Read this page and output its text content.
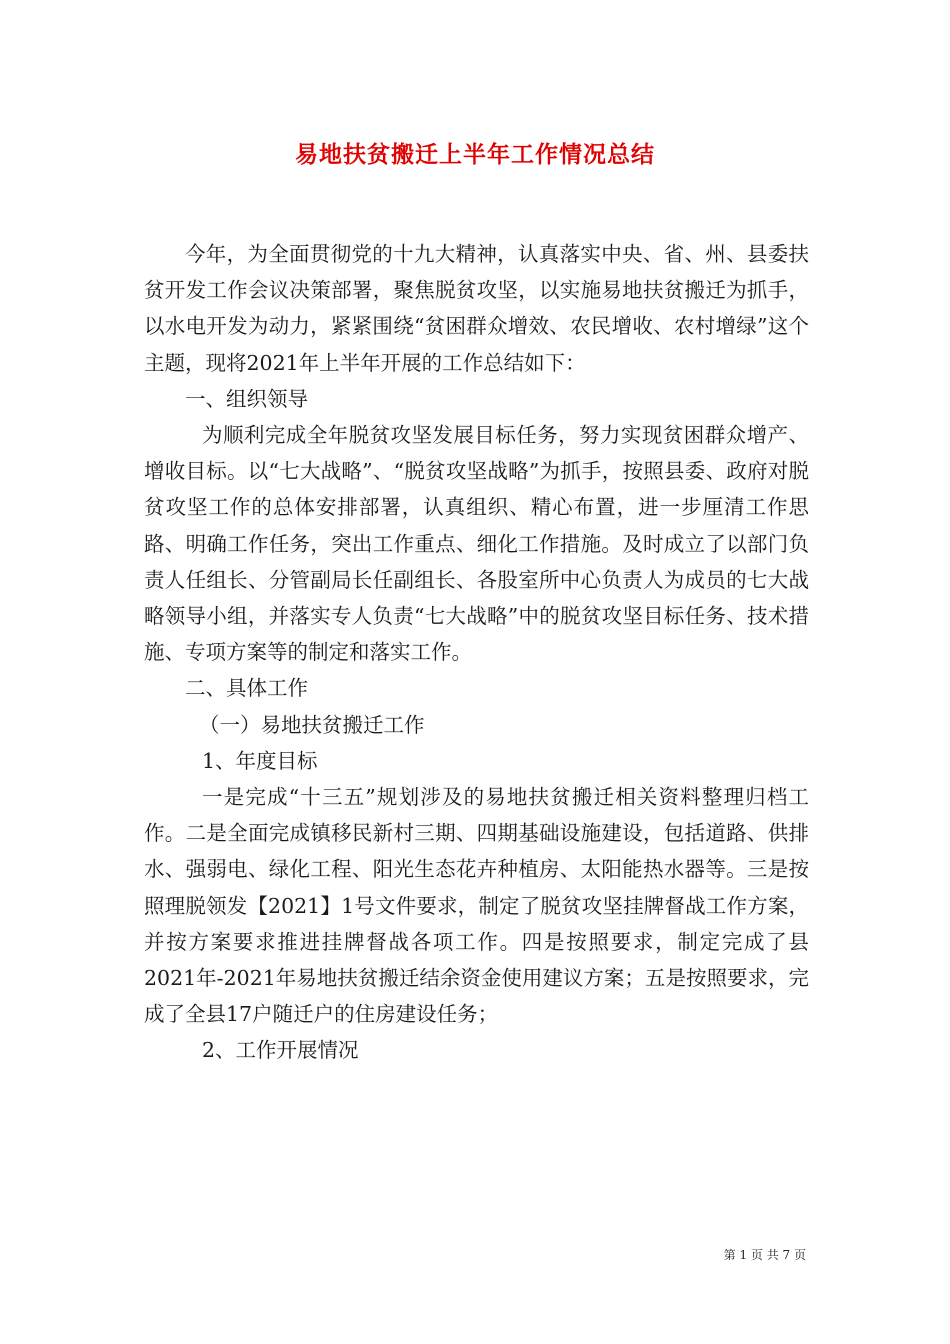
易地扶贫搬迁上半年工作情况总结

今年，为全面贯彻党的十九大精神，认真落实中央、省、州、县委扶贫开发工作会议决策部署，聚焦脱贫攻坚，以实施易地扶贫搬迁为抓手，以水电开发为动力，紧紧围绕“贫困群众增效、农民增收、农村增绿”这个主题，现将2021年上半年开展的工作总结如下：

一、组织领导

为顺利完成全年脱贫攻坚发展目标任务，努力实现贫困群众增产、增收目标。以“七大战略”、“脱贫攻坚战略”为抓手，按照县委、政府对脱贫攻坚工作的总体安排部署，认真组织、精心布置，进一步厘清工作思路、明确工作任务，突出工作重点、细化工作措施。及时成立了以部门负责人任组长、分管副局长任副组长、各股室所中心负责人为成员的七大战略领导小组，并落实专人负责“七大战略”中的脱贫攻坚目标任务、技术措施、专项方案等的制定和落实工作。

二、具体工作

（一）易地扶贫搬迁工作

1、年度目标

一是完成“十三五”规划涉及的易地扶贫搬迁相关资料整理归档工作。二是全面完成镇移民新村三期、四期基础设施建设，包括道路、供排水、强弱电、绿化工程、阳光生态花卉种植房、太阳能热水器等。三是按照理脱领发【2021】1号文件要求，制定了脱贫攻坚挂牌督战工作方案，并按方案要求推进挂牌督战各项工作。四是按照要求，制定完成了县2021年-2021年易地扶贫搬迁结余资金使用建议方案；五是按照要求，完成了全县17户随迁户的住房建设任务；

2、工作开展情况

第 1 页 共 7 页
